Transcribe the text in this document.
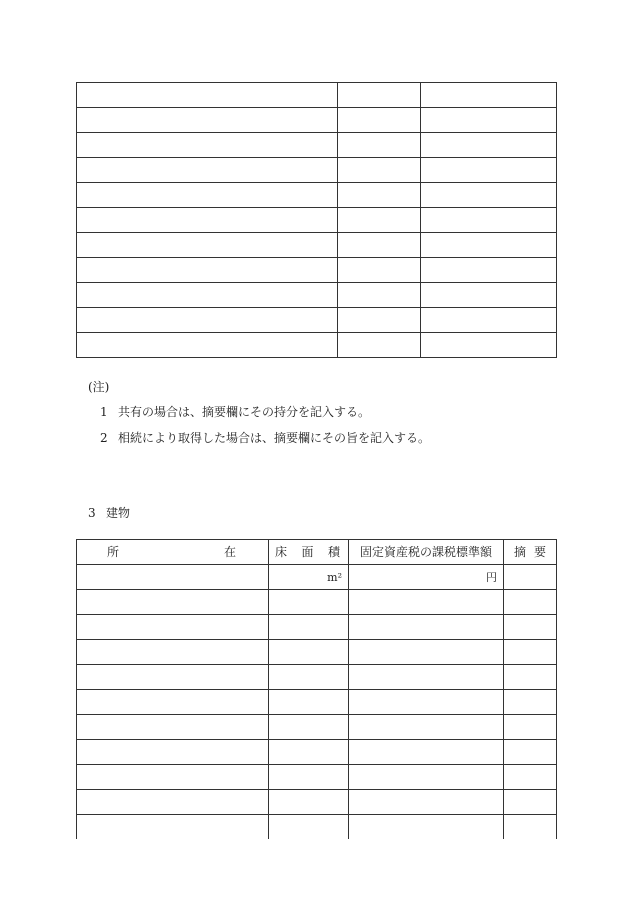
(注)
1 共有の場合は、摘要欄にその持分を記入する。
2 相続により取得した場合は、摘要欄にその旨を記入する。
3 建物
所 在	床 面 積	固定資産税の課税標準額	摘 要

	m²	円	
